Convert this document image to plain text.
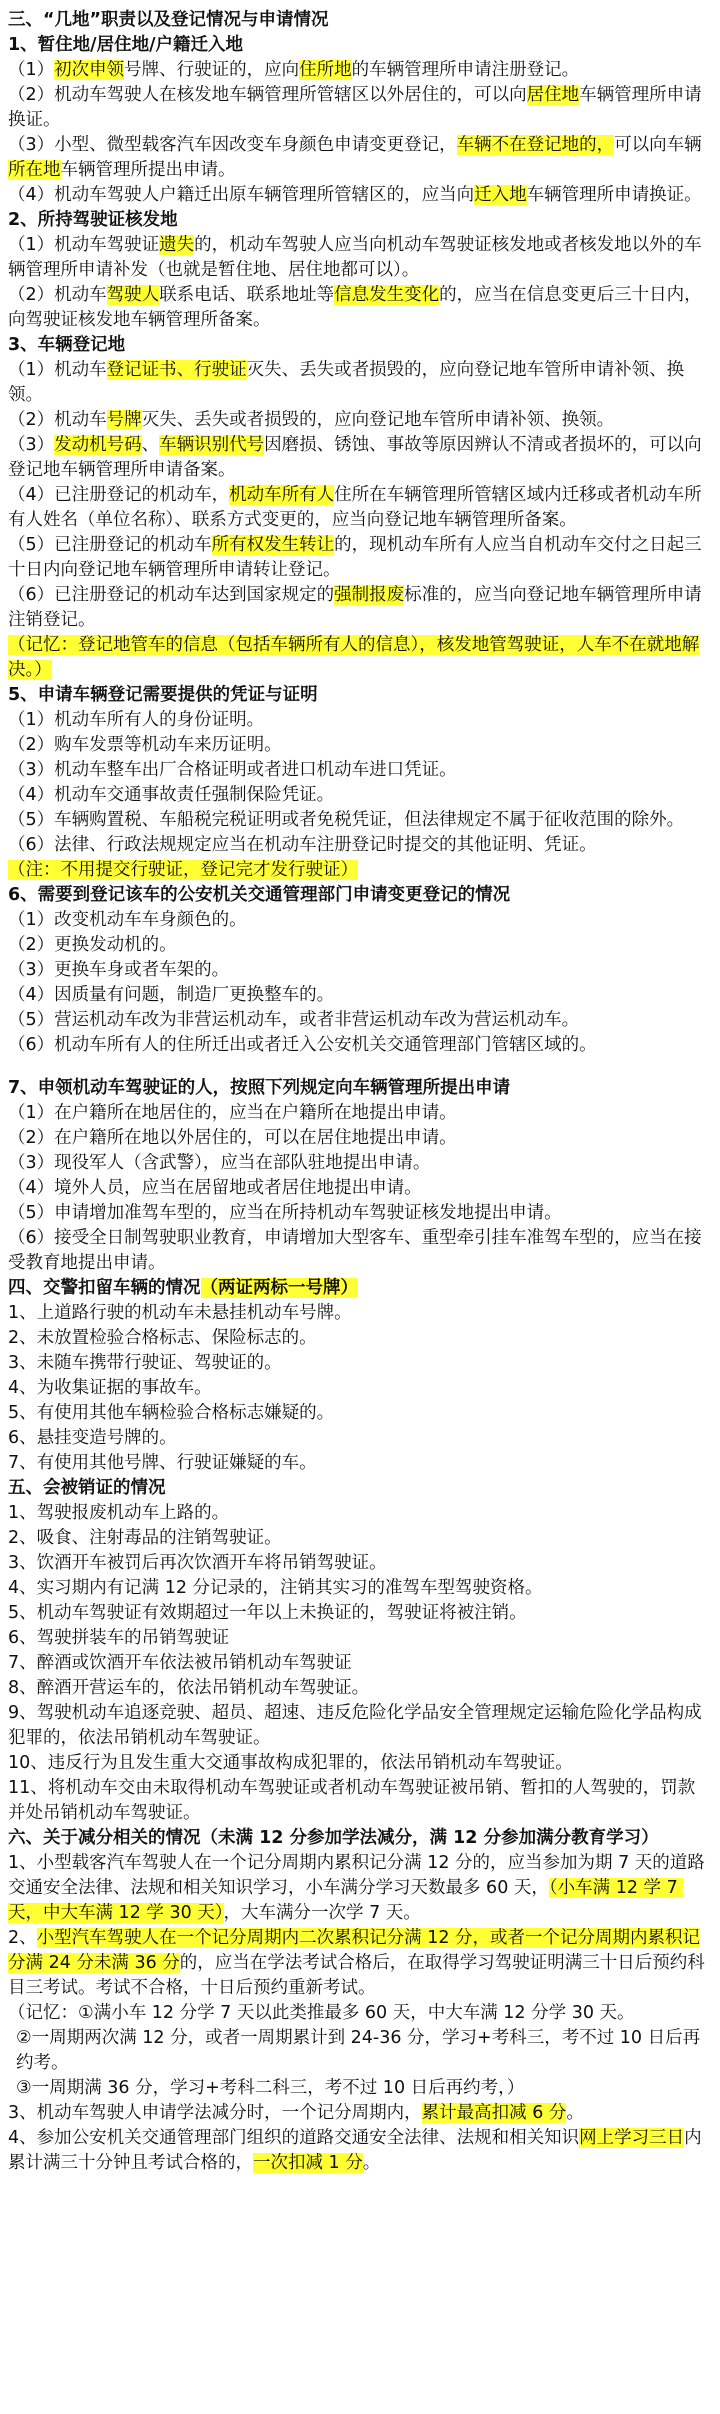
三、“几地”职责以及登记情况与申请情况
1、暂住地/居住地/户籍迁入地
（1）初次申领号牌、行驶证的，应向住所地的车辆管理所申请注册登记。
（2）机动车驾驶人在核发地车辆管理所管辖区以外居住的，可以向居住地车辆管理所申请换证。
（3）小型、微型载客汽车因改变车身颜色申请变更登记，车辆不在登记地的，可以向车辆所在地车辆管理所提出申请。
（4）机动车驾驶人户籍迁出原车辆管理所管辖区的，应当向迁入地车辆管理所申请换证。
2、所持驾驶证核发地
（1）机动车驾驶证遗失的，机动车驾驶人应当向机动车驾驶证核发地或者核发地以外的车辆管理所申请补发（也就是暂住地、居住地都可以）。
（2）机动车驾驶人联系电话、联系地址等信息发生变化的，应当在信息变更后三十日内，向驾驶证核发地车辆管理所备案。
3、车辆登记地
（1）机动车登记证书、行驶证灭失、丢失或者损毁的，应向登记地车管所申请补领、换领。
（2）机动车号牌灭失、丢失或者损毁的，应向登记地车管所申请补领、换领。
（3）发动机号码、车辆识别代号因磨损、锈蚀、事故等原因辨认不清或者损坏的，可以向登记地车辆管理所申请备案。
（4）已注册登记的机动车，机动车所有人住所在车辆管理所管辖区域内迁移或者机动车所有人姓名（单位名称）、联系方式变更的，应当向登记地车辆管理所备案。
（5）已注册登记的机动车所有权发生转让的，现机动车所有人应当自机动车交付之日起三十日内向登记地车辆管理所申请转让登记。
（6）已注册登记的机动车达到国家规定的强制报废标准的，应当向登记地车辆管理所申请注销登记。
（记忆：登记地管车的信息（包括车辆所有人的信息），核发地管驾驶证，人车不在就地解决。）
5、申请车辆登记需要提供的凭证与证明
（1）机动车所有人的身份证明。
（2）购车发票等机动车来历证明。
（3）机动车整车出厂合格证明或者进口机动车进口凭证。
（4）机动车交通事故责任强制保险凭证。
（5）车辆购置税、车船税完税证明或者免税凭证，但法律规定不属于征收范围的除外。
（6）法律、行政法规规定应当在机动车注册登记时提交的其他证明、凭证。
（注：不用提交行驶证，登记完才发行驶证）
6、需要到登记该车的公安机关交通管理部门申请变更登记的情况
（1）改变机动车车身颜色的。
（2）更换发动机的。
（3）更换车身或者车架的。
（4）因质量有问题，制造厂更换整车的。
（5）营运机动车改为非营运机动车，或者非营运机动车改为营运机动车。
（6）机动车所有人的住所迁出或者迁入公安机关交通管理部门管辖区域的。
7、申领机动车驾驶证的人，按照下列规定向车辆管理所提出申请
（1）在户籍所在地居住的，应当在户籍所在地提出申请。
（2）在户籍所在地以外居住的，可以在居住地提出申请。
（3）现役军人（含武警），应当在部队驻地提出申请。
（4）境外人员，应当在居留地或者居住地提出申请。
（5）申请增加准驾车型的，应当在所持机动车驾驶证核发地提出申请。
（6）接受全日制驾驶职业教育，申请增加大型客车、重型牵引挂车准驾车型的，应当在接受教育地提出申请。
四、交警扣留车辆的情况（两证两标一号牌）
1、上道路行驶的机动车未悬挂机动车号牌。
2、未放置检验合格标志、保险标志的。
3、未随车携带行驶证、驾驶证的。
4、为收集证据的事故车。
5、有使用其他车辆检验合格标志嫌疑的。
6、悬挂变造号牌的。
7、有使用其他号牌、行驶证嫌疑的车。
五、会被销证的情况
1、驾驶报废机动车上路的。
2、吸食、注射毒品的注销驾驶证。
3、饮酒开车被罚后再次饮酒开车将吊销驾驶证。
4、实习期内有记满 12 分记录的，注销其实习的准驾车型驾驶资格。
5、机动车驾驶证有效期超过一年以上未换证的，驾驶证将被注销。
6、驾驶拼装车的吊销驾驶证
7、醉酒或饮酒开车依法被吊销机动车驾驶证
8、醉酒开营运车的，依法吊销机动车驾驶证。
9、驾驶机动车追逐竞驶、超员、超速、违反危险化学品安全管理规定运输危险化学品构成犯罪的，依法吊销机动车驾驶证。
10、违反行为且发生重大交通事故构成犯罪的，依法吊销机动车驾驶证。
11、将机动车交由未取得机动车驾驶证或者机动车驾驶证被吊销、暂扣的人驾驶的，罚款并处吊销机动车驾驶证。
六、关于减分相关的情况（未满 12 分参加学法减分，满 12 分参加满分教育学习）
1、小型载客汽车驾驶人在一个记分周期内累积记分满 12 分的，应当参加为期 7 天的道路交通安全法律、法规和相关知识学习，小车满分学习天数最多 60 天，（小车满 12 学 7 天，中大车满 12 学 30 天），大车满分一次学 7 天。
2、小型汽车驾驶人在一个记分周期内二次累积记分满 12 分，或者一个记分周期内累积记分满 24 分未满 36 分的，应当在学法考试合格后，在取得学习驾驶证明满三十日后预约科目三考试。考试不合格，十日后预约重新考试。
（记忆：①满小车 12 分学 7 天以此类推最多 60 天，中大车满 12 分学 30 天。
②一周期两次满 12 分，或者一周期累计到 24-36 分，学习+考科三，考不过 10 日后再约考。
③一周期满 36 分，学习+考科二科三，考不过 10 日后再约考，）
3、机动车驾驶人申请学法减分时，一个记分周期内，累计最高扣减 6 分。
4、参加公安机关交通管理部门组织的道路交通安全法律、法规和相关知识网上学习三日内累计满三十分钟且考试合格的，一次扣减 1 分。
